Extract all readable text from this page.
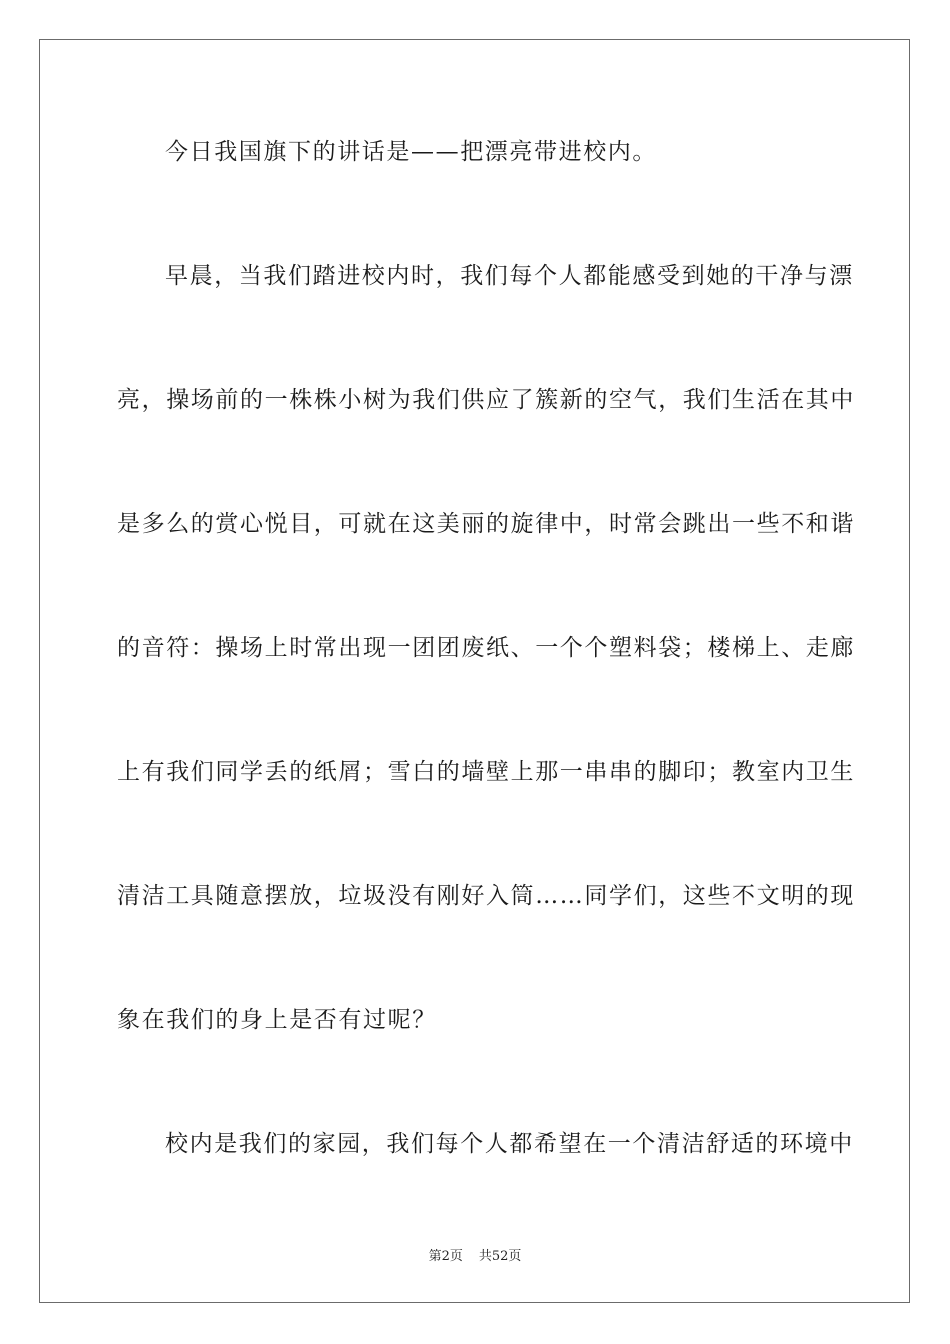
今日我国旗下的讲话是——把漂亮带进校内。
早晨，当我们踏进校内时，我们每个人都能感受到她的干净与漂
亮，操场前的一株株小树为我们供应了簇新的空气，我们生活在其中
是多么的赏心悦目，可就在这美丽的旋律中，时常会跳出一些不和谐
的音符：操场上时常出现一团团废纸、一个个塑料袋；楼梯上、走廊
上有我们同学丢的纸屑；雪白的墙壁上那一串串的脚印；教室内卫生
清洁工具随意摆放，垃圾没有刚好入筒……同学们，这些不文明的现
象在我们的身上是否有过呢？
校内是我们的家园，我们每个人都希望在一个清洁舒适的环境中
第2页 共52页
